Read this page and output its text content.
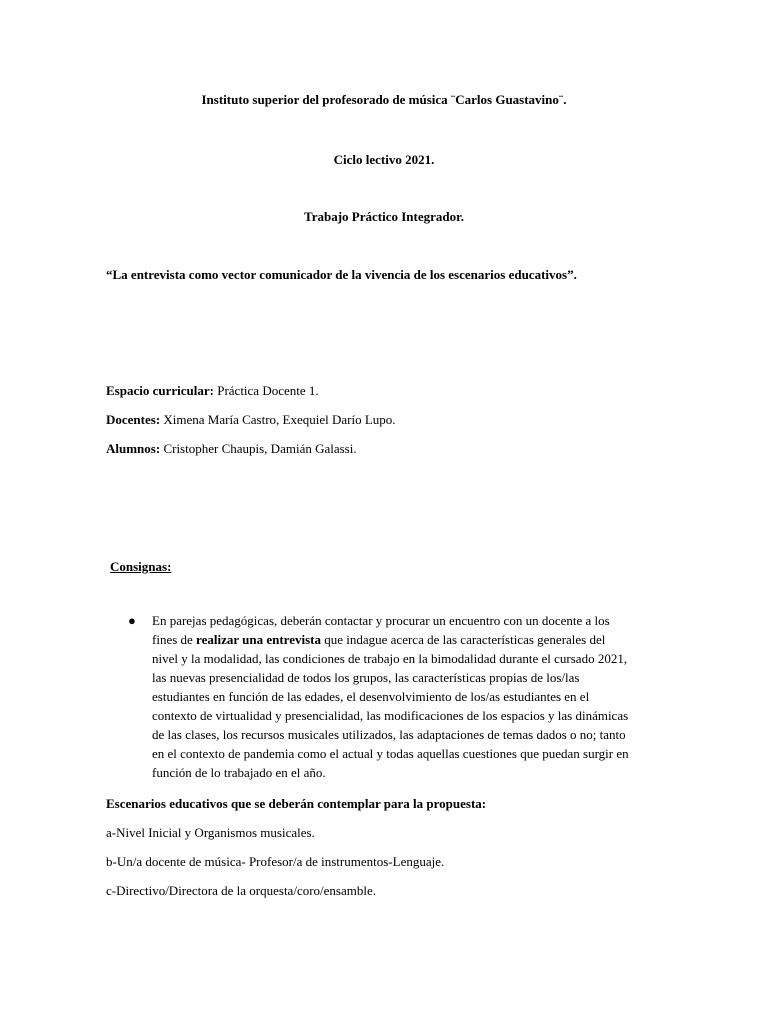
Instituto superior del profesorado de música ¨Carlos Guastavino¨.
Ciclo lectivo 2021.
Trabajo Práctico Integrador.
“La entrevista como vector comunicador de la vivencia de los escenarios educativos”.
Espacio curricular: Práctica Docente 1.
Docentes: Ximena María Castro, Exequiel Darío Lupo.
Alumnos: Cristopher Chaupis, Damián Galassi.
Consignas:
● En parejas pedagógicas, deberán contactar y procurar un encuentro con un docente a los
fines de realizar una entrevista que indague acerca de las características generales del
nivel y la modalidad, las condiciones de trabajo en la bimodalidad durante el cursado 2021,
las nuevas presencialidad de todos los grupos, las características propias de los/las
estudiantes en función de las edades, el desenvolvimiento de los/as estudiantes en el
contexto de virtualidad y presencialidad, las modificaciones de los espacios y las dinámicas
de las clases, los recursos musicales utilizados, las adaptaciones de temas dados o no; tanto
en el contexto de pandemia como el actual y todas aquellas cuestiones que puedan surgir en
función de lo trabajado en el año.
Escenarios educativos que se deberán contemplar para la propuesta:
a-Nivel Inicial y Organismos musicales.
b-Un/a docente de música- Profesor/a de instrumentos-Lenguaje.
c-Directivo/Directora de la orquesta/coro/ensamble.
